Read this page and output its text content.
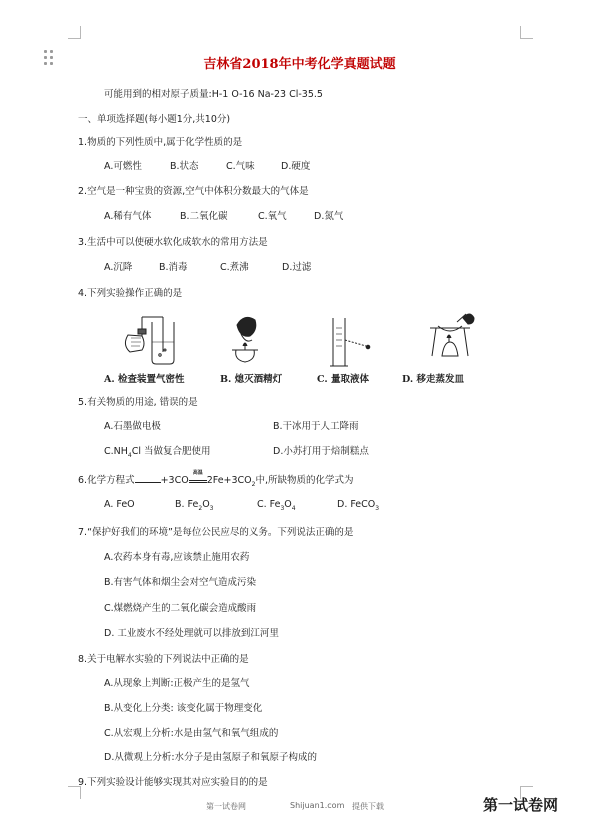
吉林省2018年中考化学真题试题
可能用到的相对原子质量:H-1 O-16 Na-23 Cl-35.5
一、单项选择题(每小题1分,共10分)
1.物质的下列性质中,属于化学性质的是
A.可燃性	B.状态	C.气味	D.硬度
2.空气是一种宝贵的资源,空气中体积分数最大的气体是
A.稀有气体	B.二氧化碳	C.氧气	D.氮气
3.生活中可以使硬水软化成软水的常用方法是
A.沉降	B.消毒	C.煮沸	D.过滤
4.下列实验操作正确的是
A. 检查装置气密性	B. 熄灭酒精灯	C. 量取液体	D. 移走蒸发皿
5.有关物质的用途, 错误的是
A.石墨做电极	B.干冰用于人工降雨
$C.NH_4Cl$ 当做复合肥使用	D.小苏打用于焙制糕点
6.化学方程式	+3CO
高温
$2Fe+3CO_2$中,所缺物质的化学式为
A. FeO	B. $Fe_2O_3$	C. $Fe_3O_4$	D. FeCO$_3$
7.“保护好我们的环境”是每位公民应尽的义务。下列说法正确的是
A.农药本身有毒,应该禁止施用农药
B.有害气体和烟尘会对空气造成污染
C.煤燃烧产生的二氧化碳会造成酸雨
D. 工业废水不经处理就可以排放到江河里
8.关于电解水实验的下列说法中正确的是
A.从现象上判断:正极产生的是氢气
B.从变化上分类: 该变化属于物理变化
C.从宏观上分析:水是由氢气和氧气组成的
D.从微观上分析:水分子是由氢原子和氧原子构成的
9.下列实验设计能够实现其对应实验目的的是
第一试卷网	Shijuan1.com 提供下载	第一试卷网
